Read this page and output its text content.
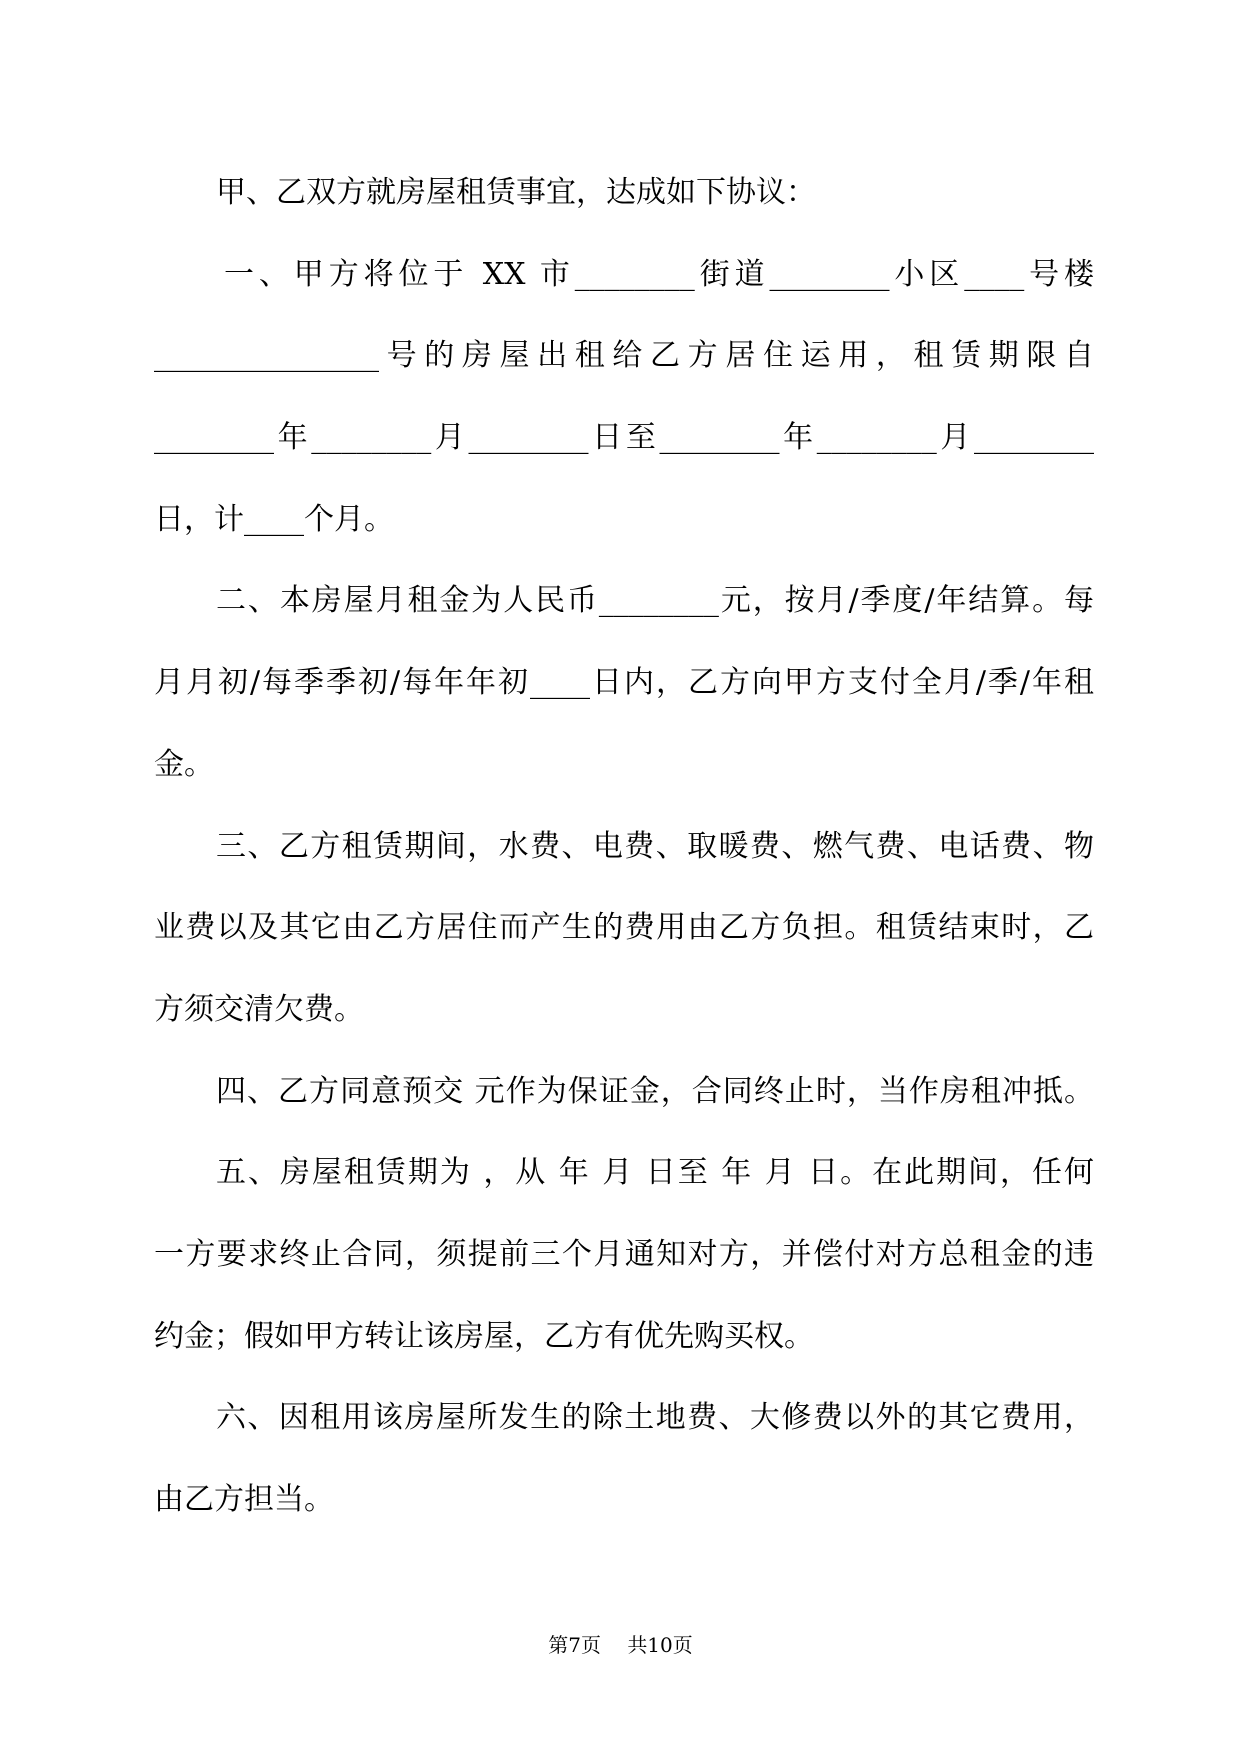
甲、乙双方就房屋租赁事宜，达成如下协议：
一、甲方将位于 XX 市________街道________小区____号楼
_______________号的房屋出租给乙方居住运用，租赁期限自
________年________月________日至________年________月________
日，计____个月。
二、本房屋月租金为人民币________元，按月/季度/年结算。每
月月初/每季季初/每年年初____日内，乙方向甲方支付全月/季/年租
金。
三、乙方租赁期间，水费、电费、取暖费、燃气费、电话费、物
业费以及其它由乙方居住而产生的费用由乙方负担。租赁结束时，乙
方须交清欠费。
四、乙方同意预交 元作为保证金，合同终止时，当作房租冲抵。
五、房屋租赁期为 ，从 年 月 日至 年 月 日。在此期间，任何
一方要求终止合同，须提前三个月通知对方，并偿付对方总租金的违
约金；假如甲方转让该房屋，乙方有优先购买权。
六、因租用该房屋所发生的除土地费、大修费以外的其它费用，
由乙方担当。
第7页 共10页
